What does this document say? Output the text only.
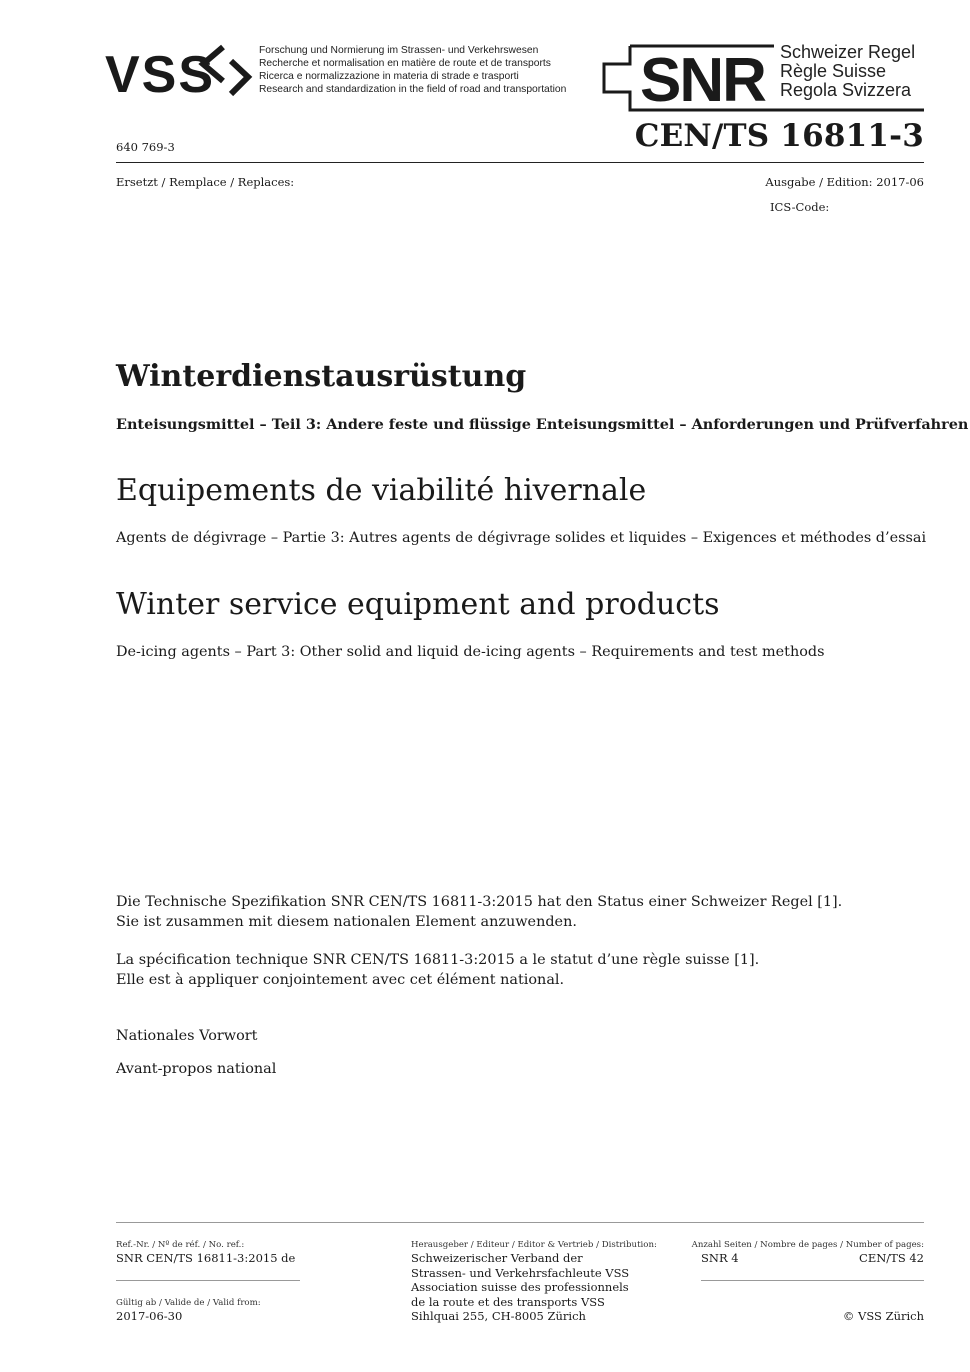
VSS	Forschung und Normierung im Strassen- und Verkehrswesen
Recherche et normalisation en matière de route et de transports
Ricerca e normalizzazione in materia di strade e trasporti
Research and standardization in the field of road and transportation SNR Schweizer Regel
Règle Suisse
Regola Svizzera
640 769-3	CEN/TS 16811-3
Ersetzt / Remplace / Replaces:	Ausgabe / Edition: 2017-06
ICS-Code:
Winterdienstausrüstung
Enteisungsmittel – Teil 3: Andere feste und flüssige Enteisungsmittel – Anforderungen und Prüfverfahren
Equipements de viabilité hivernale
Agents de dégivrage – Partie 3: Autres agents de dégivrage solides et liquides – Exigences et méthodes d’essai
Winter service equipment and products
De-icing agents – Part 3: Other solid and liquid de-icing agents – Requirements and test methods
Die Technische Spezifikation SNR CEN/TS 16811-3:2015 hat den Status einer Schweizer Regel [1].
Sie ist zusammen mit diesem nationalen Element anzuwenden.
La spécification technique SNR CEN/TS 16811-3:2015 a le statut d’une règle suisse [1].
Elle est à appliquer conjointement avec cet élément national.
Nationales Vorwort
Avant-propos national
Ref.-Nr. / Nº de réf. / No. ref.:
SNR CEN/TS 16811-3:2015 de
Gültig ab / Valide de / Valid from:
2017-06-30
Herausgeber / Editeur / Editor & Vertrieb / Distribution:
Schweizerischer Verband der
Strassen- und Verkehrsfachleute VSS
Association suisse des professionnels
de la route et des transports VSS
Sihlquai 255, CH-8005 Zürich
Anzahl Seiten / Nombre de pages / Number of pages:
SNR 4	CEN/TS 42
© VSS Zürich
